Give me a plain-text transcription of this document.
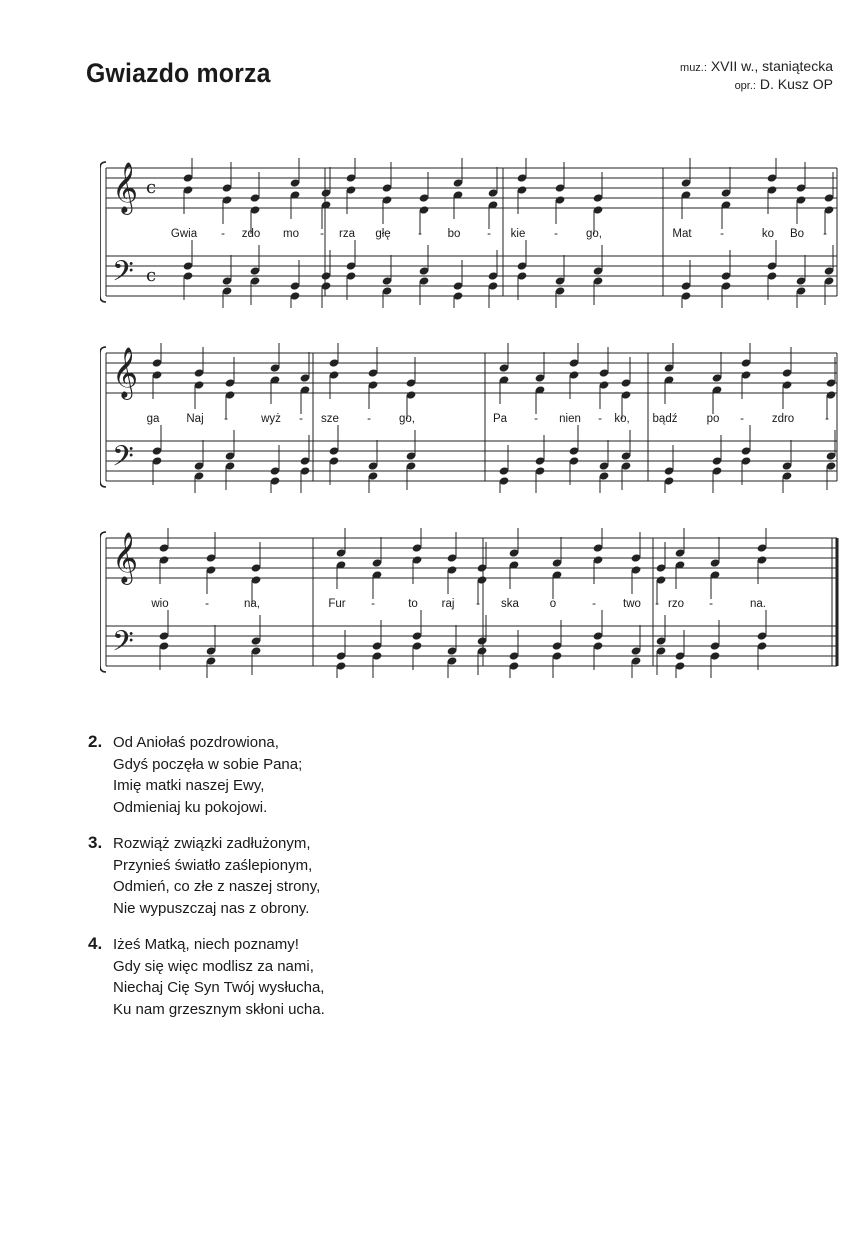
Gwiazdo morza	muz.: XVII w., staniątecka
opr.: D. Kusz OP
𝄞
𝄢
c
c
Gwia - zdo mo - rza głę - bo - kie - go,	Mat -	ko Bo -
𝄞
𝄢
ga Naj -	wyż - sze - go,	Pa - nien - ko, bądź	po - zdro	-
𝄞
𝄢
wio	-	na,	Fur -	to raj - ska	o	- two - rzo -	na.
2. Od Aniołaś pozdrowiona,
Gdyś poczęła w sobie Pana;
Imię matki naszej Ewy,
Odmieniaj ku pokojowi.
3. Rozwiąż związki zadłużonym,
Przynieś światło zaślepionym,
Odmień, co złe z naszej strony,
Nie wypuszczaj nas z obrony.
4. Iżeś Matką, niech poznamy!
Gdy się więc modlisz za nami,
Niechaj Cię Syn Twój wysłucha,
Ku nam grzesznym skłoni ucha.
